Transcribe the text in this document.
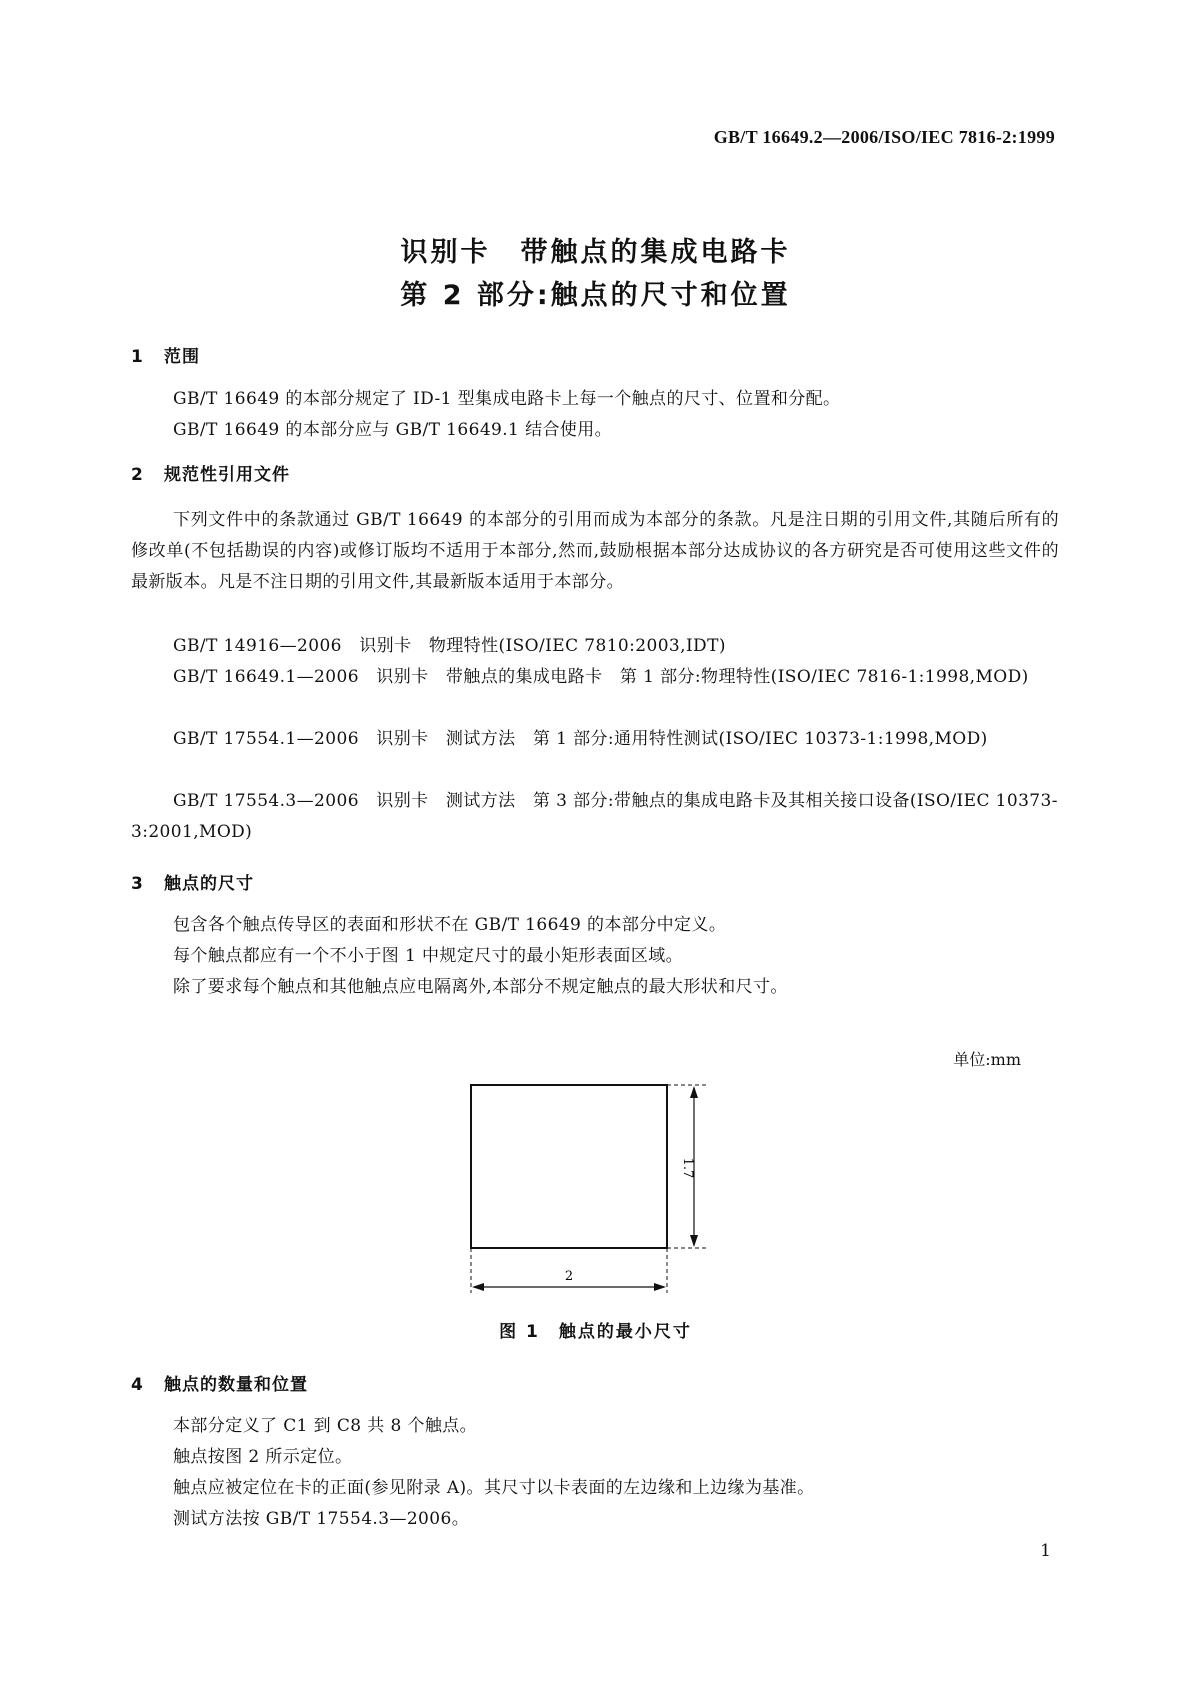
GB/T 16649.2—2006/ISO/IEC 7816-2:1999
识别卡　带触点的集成电路卡
第 2 部分:触点的尺寸和位置
1 范围
GB/T 16649 的本部分规定了 ID-1 型集成电路卡上每一个触点的尺寸、位置和分配。
GB/T 16649 的本部分应与 GB/T 16649.1 结合使用。
2 规范性引用文件
下列文件中的条款通过 GB/T 16649 的本部分的引用而成为本部分的条款。凡是注日期的引用文件,其随后所有的修改单(不包括勘误的内容)或修订版均不适用于本部分,然而,鼓励根据本部分达成协议的各方研究是否可使用这些文件的最新版本。凡是不注日期的引用文件,其最新版本适用于本部分。
GB/T 14916—2006　识别卡　物理特性(ISO/IEC 7810:2003,IDT)
GB/T 16649.1—2006　识别卡　带触点的集成电路卡　第 1 部分:物理特性(ISO/IEC 7816-1:1998,MOD)
GB/T 17554.1—2006　识别卡　测试方法　第 1 部分:通用特性测试(ISO/IEC 10373-1:1998,MOD)
GB/T 17554.3—2006　识别卡　测试方法　第 3 部分:带触点的集成电路卡及其相关接口设备(ISO/IEC 10373-3:2001,MOD)
3 触点的尺寸
包含各个触点传导区的表面和形状不在 GB/T 16649 的本部分中定义。
每个触点都应有一个不小于图 1 中规定尺寸的最小矩形表面区域。
除了要求每个触点和其他触点应电隔离外,本部分不规定触点的最大形状和尺寸。
单位:mm
1.7
2
图 1　触点的最小尺寸
4 触点的数量和位置
本部分定义了 C1 到 C8 共 8 个触点。
触点按图 2 所示定位。
触点应被定位在卡的正面(参见附录 A)。其尺寸以卡表面的左边缘和上边缘为基准。
测试方法按 GB/T 17554.3—2006。
1
